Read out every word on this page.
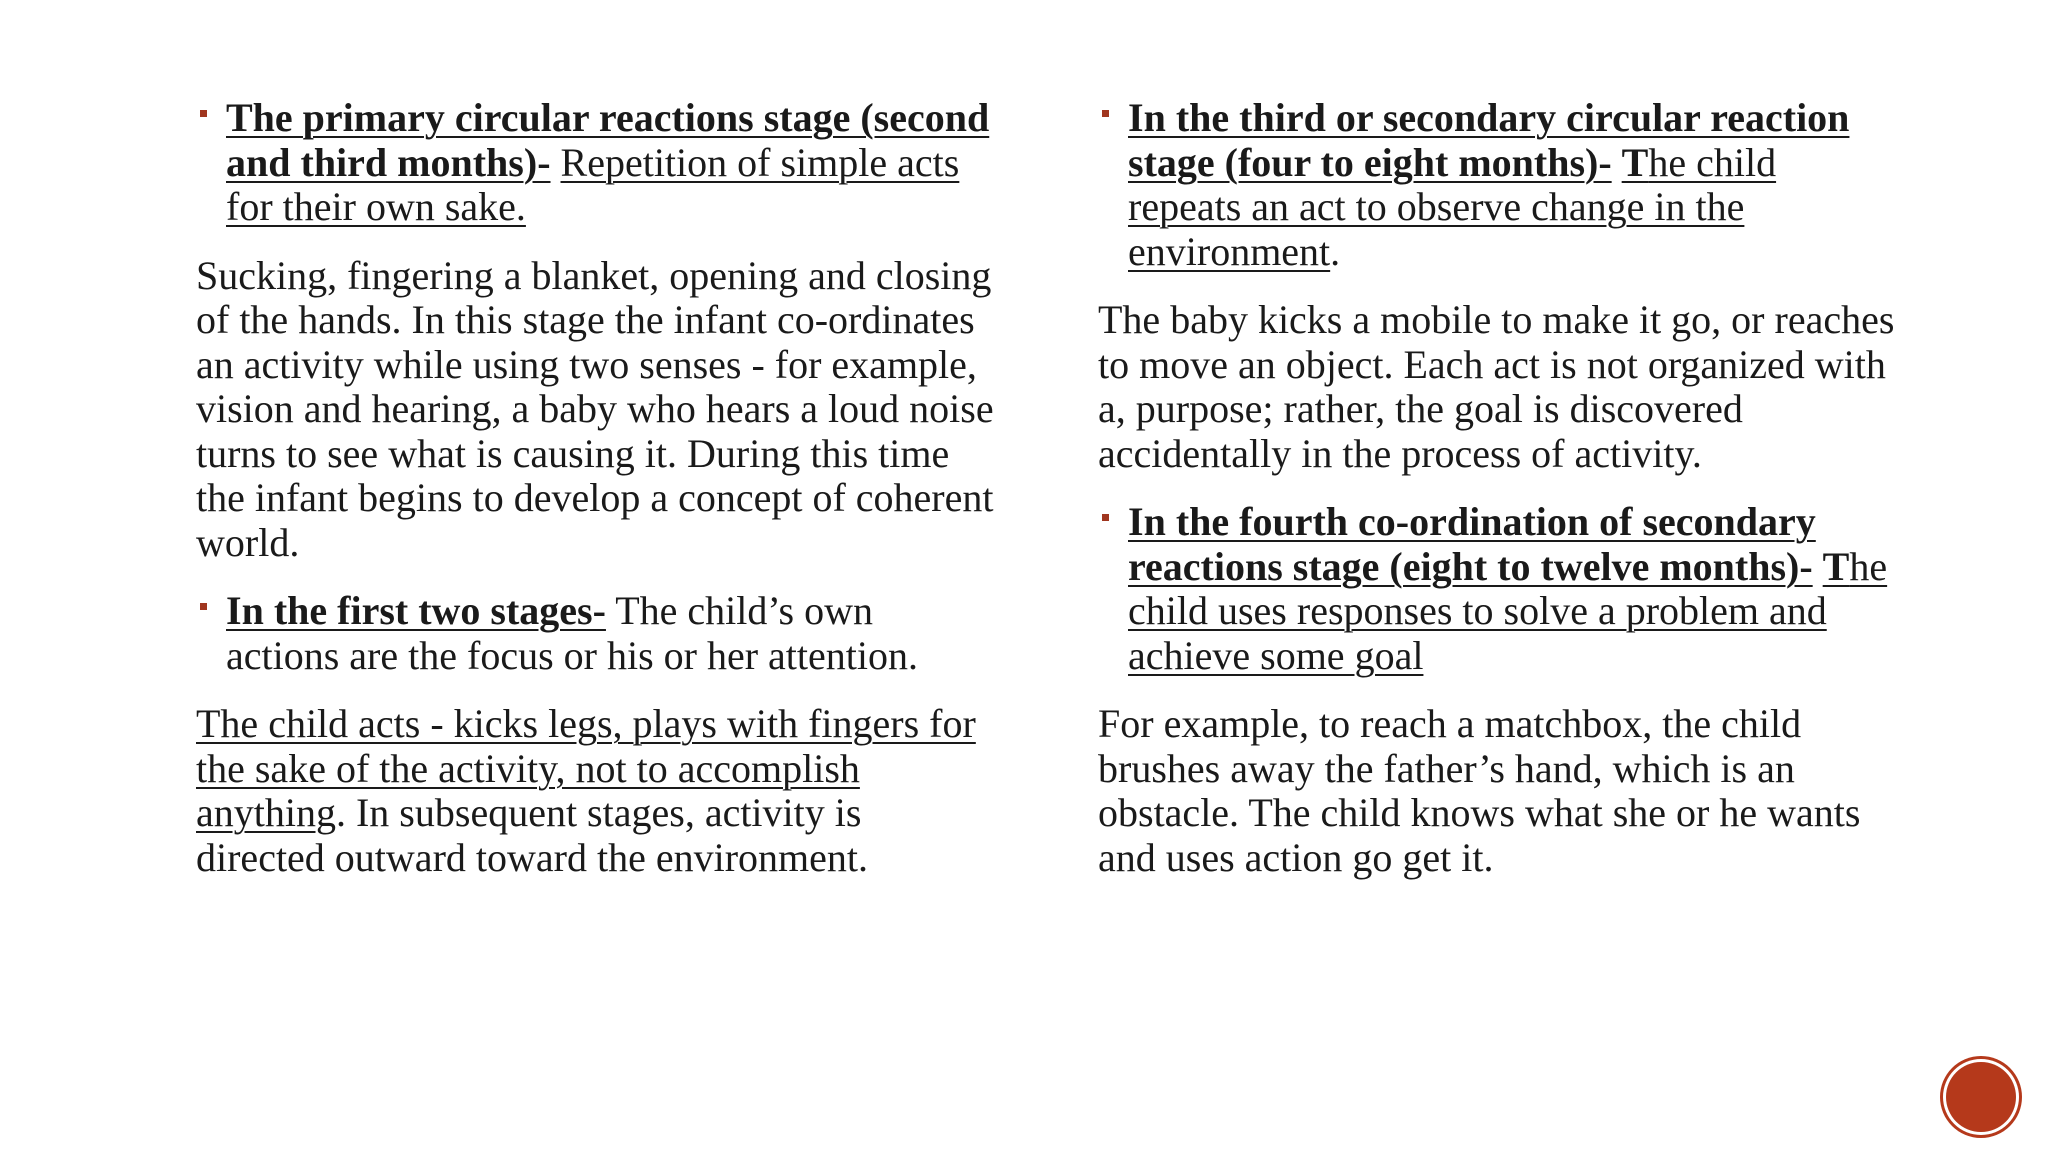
The primary circular reactions stage (second and third months)- Repetition of simple acts for their own sake.

Sucking, fingering a blanket, opening and closing of the hands. In this stage the infant co-ordinates an activity while using two senses - for example, vision and hearing, a baby who hears a loud noise turns to see what is causing it. During this time the infant begins to develop a concept of coherent world.

In the first two stages- The child’s own actions are the focus or his or her attention.

The child acts - kicks legs, plays with fingers for the sake of the activity, not to accomplish anything. In subsequent stages, activity is directed outward toward the environment.

In the third or secondary circular reaction stage (four to eight months)- The child repeats an act to observe change in the environment.

The baby kicks a mobile to make it go, or reaches to move an object. Each act is not organized with a, purpose; rather, the goal is discovered accidentally in the process of activity.

In the fourth co-ordination of secondary reactions stage (eight to twelve months)- The child uses responses to solve a problem and achieve some goal

For example, to reach a matchbox, the child brushes away the father’s hand, which is an obstacle. The child knows what she or he wants and uses action go get it.
